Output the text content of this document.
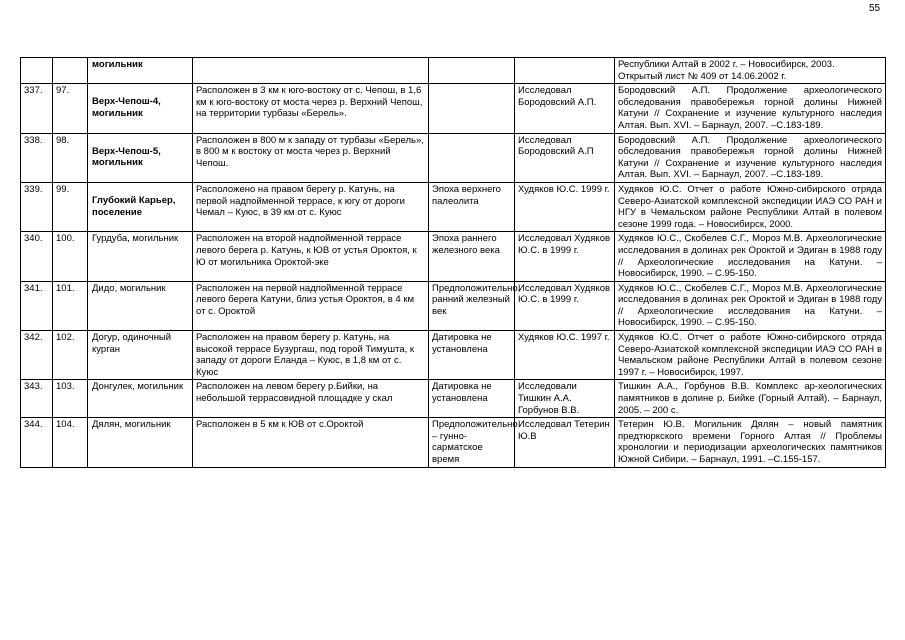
55
		могильник				Республики Алтай в 2002 г. – Новосибирск, 2003.
Открытый лист № 409 от 14.06.2002 г.

337.	97.	Верх-Чепош-4, могильник	Расположен в 3 км к юго-востоку от с. Чепош, в 1,6 км к юго-востоку от моста через р. Верхний Чепош, на территории турбазы «Берель».		Исследовал Бородовский А.П.	Бородовский А.П. Продолжение археологического обследования правобережья горной долины Нижней Катуни // Сохранение и изучение культурного наследия Алтая. Вып. XVI. – Барнаул, 2007. –С.183-189.
338.	98.	Верх-Чепош-5, могильник	Расположен в 800 м к западу от турбазы «Берель», в 800 м к востоку от моста через р. Верхний Чепош.		Исследовал Бородовский А.П	Бородовский А.П. Продолжение археологического обследования правобережья горной долины Нижней Катуни // Сохранение и изучение культурного наследия Алтая. Вып. XVI. – Барнаул, 2007. –С.183-189.
339.	99.	Глубокий Карьер, поселение	Расположено на правом берегу р. Катунь, на первой надпойменной террасе, к югу от дороги Чемал – Куюс, в 39 км от с. Куюс	Эпоха верхнего палеолита	Худяков Ю.С. 1999 г.	Худяков Ю.С. Отчет о работе Южно-сибирского отряда Северо-Азиатской комплексной экспедиции ИАЭ СО РАН и НГУ в Чемальском районе Республики Алтай в полевом сезоне 1999 года. – Новосибирск, 2000.
340.	100.	Гурдуба, могильник	Расположен на второй надпойменной террасе левого берега р. Катунь, к ЮВ от устья Ороктоя, к Ю от могильника Ороктой-эке	Эпоха раннего железного века	Исследовал Худяков Ю.С. в 1999 г.	Худяков Ю.С., Скобелев С.Г., Мороз М.В. Археологические исследования в долинах рек Ороктой и Эдиган в 1988 году // Археологические исследования на Катуни. – Новосибирск, 1990. – С.95-150.
341.	101.	Дидо, могильник	Расположен на первой надпойменной террасе левого берега Катуни, близ устья Ороктоя, в 4 км от с. Ороктой	Предположительно, ранний железный век	Исследовал Худяков Ю.С. в 1999 г.	Худяков Ю.С., Скобелев С.Г., Мороз М.В. Археологические исследования в долинах рек Ороктой и Эдиган в 1988 году // Археологические исследования на Катуни. – Новосибирск, 1990. – С.95-150.
342.	102.	Догур, одиночный курган	Расположен на правом берегу р. Катунь, на высокой террасе Бузургаш, под горой Тимушта, к западу от дороги Еланда – Куюс, в 1,8 км от с. Куюс	Датировка не установлена	Худяков Ю.С. 1997 г.	Худяков Ю.С. Отчет о работе Южно-сибирского отряда Северо-Азиатской комплексной экспедиции ИАЭ СО РАН в Чемальском районе Республики Алтай в полевом сезоне 1997 г. – Новосибирск, 1997.
343.	103.	Донгулек, могильник	Расположен на левом берегу р.Бийки, на небольшой террасовидной площадке у скал	Датировка не установлена	Исследовали Тишкин А.А. Горбунов В.В.	Тишкин А.А., Горбунов В.В. Комплекс ар-хеологических памятников в долине р. Бийке (Горный Алтай). – Барнаул, 2005. – 200 с.
344.	104.	Дялян, могильник	Расположен в 5 км к ЮВ от с.Ороктой	Предположительно – гунно-сарматское время	Исследовал Тетерин Ю.В	Тетерин Ю.В. Могильник Дялян – новый памятник предтюркского времени Горного Алтая // Проблемы хронологии и периодизации археологических памятников Южной Сибири. – Барнаул, 1991. –С.155-157.
